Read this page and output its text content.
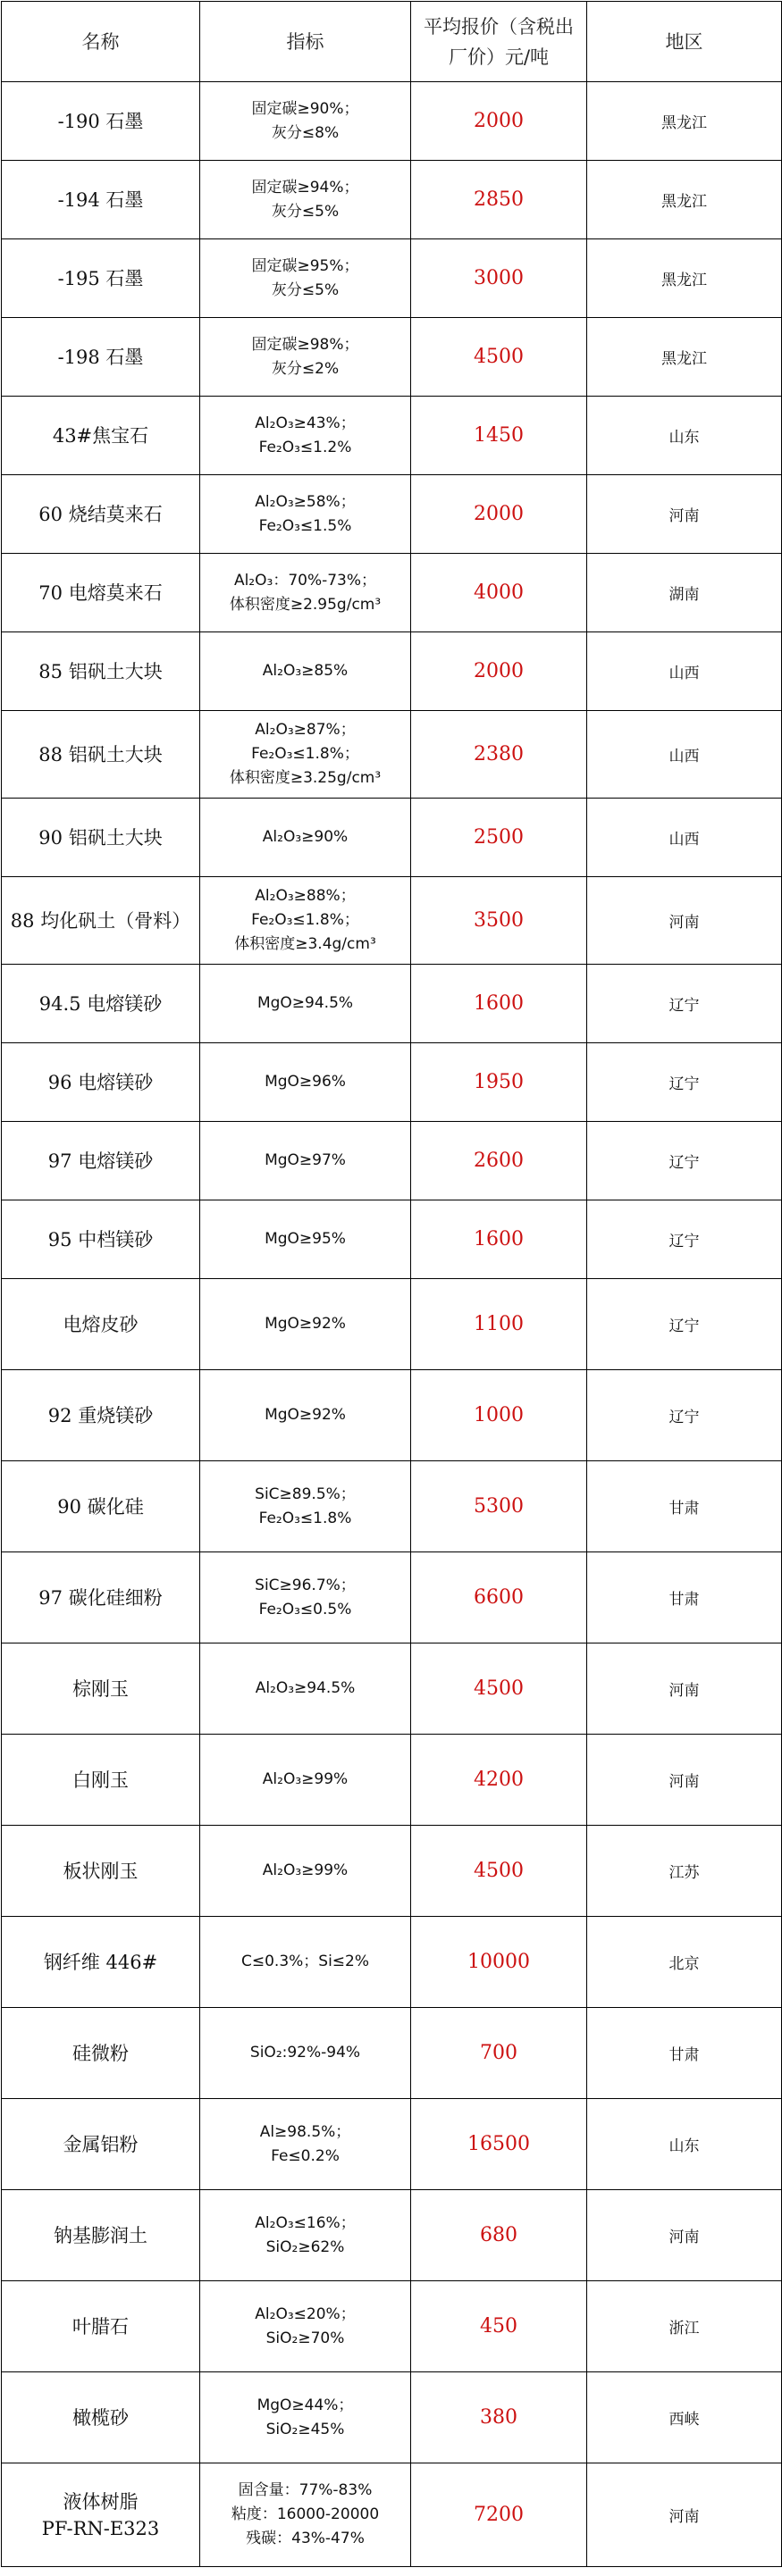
名称	指标	平均报价（含税出厂价）元/吨	地区

-190 石墨	固定碳≥90%；
灰分≤8%	2000	黑龙江

-194 石墨	固定碳≥94%；
灰分≤5%	2850	黑龙江

-195 石墨	固定碳≥95%；
灰分≤5%	3000	黑龙江

-198 石墨	固定碳≥98%；
灰分≤2%	4500	黑龙江

43#焦宝石	Al₂O₃≥43%；
Fe₂O₃≤1.2%	1450	山东

60 烧结莫来石	Al₂O₃≥58%；
Fe₂O₃≤1.5%	2000	河南

70 电熔莫来石	Al₂O₃：70%-73%；
体积密度≥2.95g/cm³	4000	湖南

85 铝矾土大块	Al₂O₃≥85%	2000	山西

88 铝矾土大块	Al₂O₃≥87%；
Fe₂O₃≤1.8%；
体积密度≥3.25g/cm³	2380	山西

90 铝矾土大块	Al₂O₃≥90%	2500	山西

88 均化矾土（骨料）	Al₂O₃≥88%；
Fe₂O₃≤1.8%；
体积密度≥3.4g/cm³	3500	河南

94.5 电熔镁砂	MgO≥94.5%	1600	辽宁

96 电熔镁砂	MgO≥96%	1950	辽宁

97 电熔镁砂	MgO≥97%	2600	辽宁

95 中档镁砂	MgO≥95%	1600	辽宁

电熔皮砂	MgO≥92%	1100	辽宁

92 重烧镁砂	MgO≥92%	1000	辽宁

90 碳化硅	SiC≥89.5%；
Fe₂O₃≤1.8%	5300	甘肃

97 碳化硅细粉	SiC≥96.7%；
Fe₂O₃≤0.5%	6600	甘肃

棕刚玉	Al₂O₃≥94.5%	4500	河南

白刚玉	Al₂O₃≥99%	4200	河南

板状刚玉	Al₂O₃≥99%	4500	江苏

钢纤维 446#	C≤0.3%；Si≤2%	10000	北京

硅微粉	SiO₂:92%-94%	700	甘肃

金属铝粉	Al≥98.5%；
Fe≤0.2%	16500	山东

钠基膨润土	Al₂O₃≤16%；
SiO₂≥62%	680	河南

叶腊石	Al₂O₃≤20%；
SiO₂≥70%	450	浙江

橄榄砂	MgO≥44%；
SiO₂≥45%	380	西峡

液体树脂
PF-RN-E323	固含量：77%-83%
粘度：16000-20000
残碳：43%-47%	7200	河南
